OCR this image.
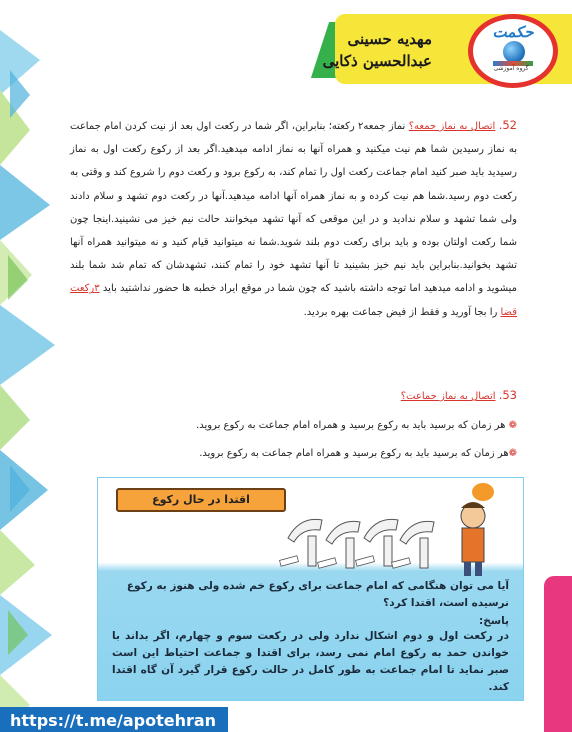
مهدیه حسینی
عبدالحسین ذکایی
حکمت
گروه آموزشی
52. اتصال به نماز جمعه؟ نماز جمعه۲ رکعته؛ بنابراین، اگر شما در رکعت اول بعد از نیت کردن امام جماعت به نماز رسیدین شما هم نیت میکنید و همراه آنها به نماز ادامه میدهید.اگر بعد از رکوع رکعت اول به نماز رسیدید باید صبر کنید امام جماعت رکعت اول را تمام کند، به رکوع برود و رکعت دوم را شروع کند و وقتی به رکعت دوم رسید.شما هم نیت کرده و به نماز همراه آنها ادامه میدهید.آنها در رکعت دوم تشهد و سلام دادند ولی شما تشهد و سلام ندادید و در این موقعی که آنها تشهد میخوانند حالت نیم خیز می نشینید.اینجا چون شما رکعت اولتان بوده و باید برای رکعت دوم بلند شوید.شما نه میتوانید قیام کنید و نه میتوانید همراه آنها تشهد بخوانید.بنابراین باید نیم خیز بشینید تا آنها تشهد خود را تمام کنند، تشهدشان که تمام شد شما بلند میشوید و ادامه میدهید اما توجه داشته باشید که چون شما در موقع ایراد خطبه ها حضور نداشتید باید ۳رکعت قضا را بجا آورید و فقط از فیض جماعت بهره بردید.
53. اتصال به نماز جماعت؟
❁ هر زمان که برسید باید به رکوع برسید و همراه امام جماعت به رکوع بروید.
❁هر زمان که برسید باید به رکوع برسید و همراه امام جماعت به رکوع بروید.
اقتدا در حال رکوع
آیا می توان هنگامی که امام جماعت برای رکوع خم شده ولی هنوز به رکوع نرسیده است، اقتدا کرد؟
پاسخ:
در رکعت اول و دوم اشکال ندارد ولی در رکعت سوم و چهارم، اگر بداند با خواندن حمد به رکوع امام نمی رسد، برای اقتدا و جماعت احتیاط این است صبر نماید تا امام جماعت به طور کامل در حالت رکوع قرار گیرد آن گاه اقتدا کند.
https://t.me/apotehran
